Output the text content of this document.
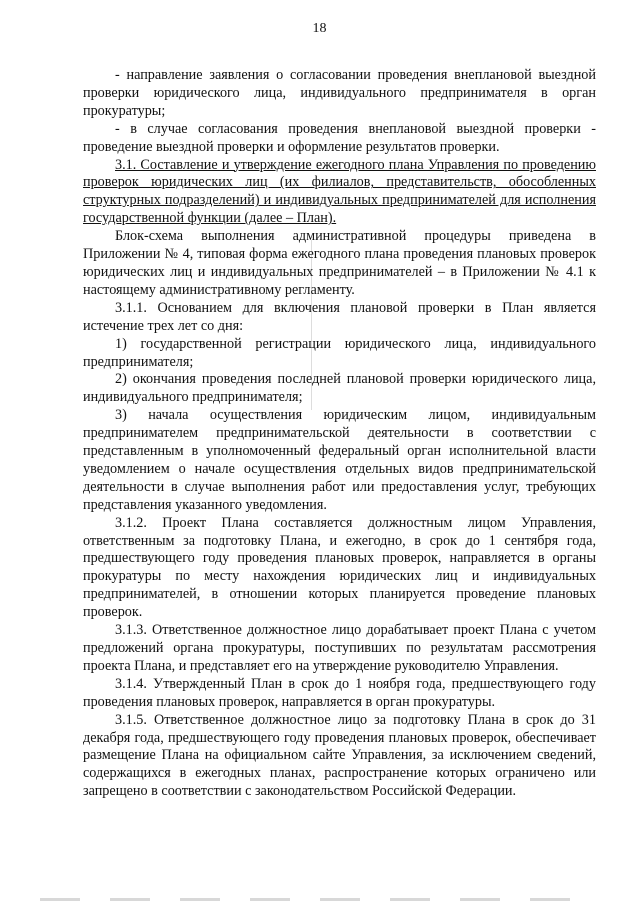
18

- направление заявления о согласовании проведения внеплановой выездной проверки юридического лица, индивидуального предпринимателя в орган прокуратуры;

- в случае согласования проведения внеплановой выездной проверки - проведение выездной проверки и оформление результатов проверки.

3.1. Составление и утверждение ежегодного плана Управления по проведению проверок юридических лиц (их филиалов, представительств, обособленных структурных подразделений) и индивидуальных предпринимателей для исполнения государственной функции (далее – План).

Блок-схема выполнения административной процедуры приведена в Приложении № 4, типовая форма ежегодного плана проведения плановых проверок юридических лиц и индивидуальных предпринимателей – в Приложении № 4.1 к настоящему административному регламенту.

3.1.1. Основанием для включения плановой проверки в План является истечение трех лет со дня:

1) государственной регистрации юридического лица, индивидуального предпринимателя;

2) окончания проведения последней плановой проверки юридического лица, индивидуального предпринимателя;

3) начала осуществления юридическим лицом, индивидуальным предпринимателем предпринимательской деятельности в соответствии с представленным в уполномоченный федеральный орган исполнительной власти уведомлением о начале осуществления отдельных видов предпринимательской деятельности в случае выполнения работ или предоставления услуг, требующих представления указанного уведомления.

3.1.2. Проект Плана составляется должностным лицом Управления, ответственным за подготовку Плана, и ежегодно, в срок до 1 сентября года, предшествующего году проведения плановых проверок, направляется в органы прокуратуры по месту нахождения юридических лиц и индивидуальных предпринимателей, в отношении которых планируется проведение плановых проверок.

3.1.3. Ответственное должностное лицо дорабатывает проект Плана с учетом предложений органа прокуратуры, поступивших по результатам рассмотрения проекта Плана, и представляет его на утверждение руководителю Управления.

3.1.4. Утвержденный План в срок до 1 ноября года, предшествующего году проведения плановых проверок, направляется в орган прокуратуры.

3.1.5. Ответственное должностное лицо за подготовку Плана в срок до 31 декабря года, предшествующего году проведения плановых проверок, обеспечивает размещение Плана на официальном сайте Управления, за исключением сведений, содержащихся в ежегодных планах, распространение которых ограничено или запрещено в соответствии с законодательством Российской Федерации.
